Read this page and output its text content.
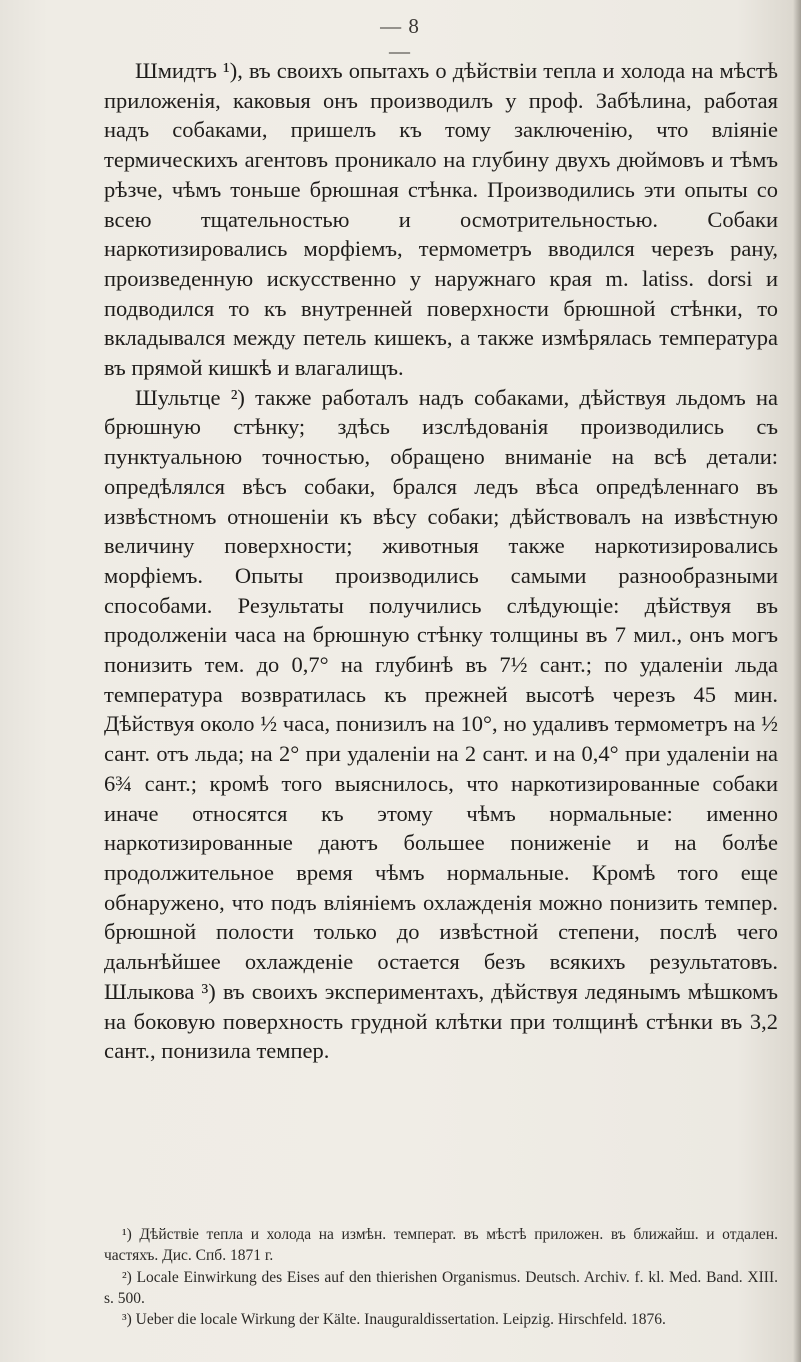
— 8 —

Шмидтъ ¹), въ своихъ опытахъ о дѣйствіи тепла и холода на мѣстѣ приложенія, каковыя онъ производилъ у проф. Забѣлина, работая надъ собаками, пришелъ къ тому заключенію, что вліяніе термическихъ агентовъ проникало на глубину двухъ дюймовъ и тѣмъ рѣзче, чѣмъ тоньше брюшная стѣнка. Производились эти опыты со всею тщательностью и осмотрительностью. Собаки наркотизировались морфіемъ, термометръ вводился черезъ рану, произведенную искусственно у наружнаго края m. latiss. dorsi и подводился то къ внутренней поверхности брюшной стѣнки, то вкладывался между петель кишекъ, а также измѣрялась температура въ прямой кишкѣ и влагалищъ.

Шультце ²) также работалъ надъ собаками, дѣйствуя льдомъ на брюшную стѣнку; здѣсь изслѣдованія производились съ пунктуальною точностью, обращено вниманіе на всѣ детали: опредѣлялся вѣсъ собаки, брался ледъ вѣса опредѣленнаго въ извѣстномъ отношеніи къ вѣсу собаки; дѣйствовалъ на извѣстную величину поверхности; животныя также наркотизировались морфіемъ. Опыты производились самыми разнообразными способами. Результаты получились слѣдующіе: дѣйствуя въ продолженіи часа на брюшную стѣнку толщины въ 7 мил., онъ могъ понизить тем. до 0,7° на глубинѣ въ 7½ сант.; по удаленіи льда температура возвратилась къ прежней высотѣ черезъ 45 мин. Дѣйствуя около ½ часа, понизилъ на 10°, но удаливъ термометръ на ½ сант. отъ льда; на 2° при удаленіи на 2 сант. и на 0,4° при удаленіи на 6¾ сант.; кромѣ того выяснилось, что наркотизированные собаки иначе относятся къ этому чѣмъ нормальные: именно наркотизированные даютъ большее пониженіе и на болѣе продолжительное время чѣмъ нормальные. Кромѣ того еще обнаружено, что подъ вліяніемъ охлажденія можно понизить темпер. брюшной полости только до извѣстной степени, послѣ чего дальнѣйшее охлажденіе остается безъ всякихъ результатовъ. Шлыкова ³) въ своихъ экспериментахъ, дѣйствуя ледянымъ мѣшкомъ на боковую поверхность грудной клѣтки при толщинѣ стѣнки въ 3,2 сант., понизила темпер.

¹) Дѣйствіе тепла и холода на измѣн. температ. въ мѣстѣ приложен. въ ближайш. и отдален. частяхъ. Дис. Спб. 1871 г.

²) Locale Einwirkung des Eises auf den thierishen Organismus. Deutsch. Archiv. f. kl. Med. Band. XIII. s. 500.

³) Ueber die locale Wirkung der Kälte. Inauguraldissertation. Leipzig. Hirschfeld. 1876.
